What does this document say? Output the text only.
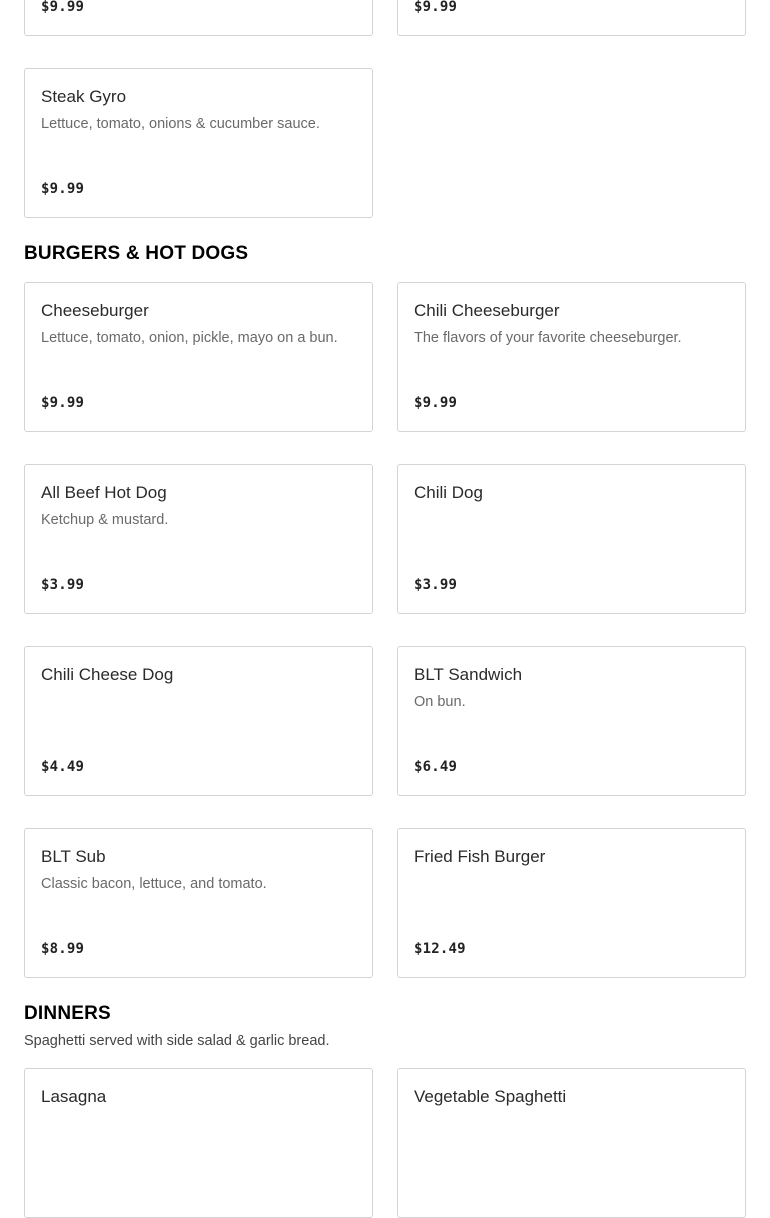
$9.99	$9.99
Steak Gyro
Lettuce, tomato, onions & cucumber sauce.
$9.99
BURGERS & HOT DOGS
Cheeseburger
Lettuce, tomato, onion, pickle, mayo on a bun.
$9.99
Chili Cheeseburger
The flavors of your favorite cheeseburger.
$9.99
All Beef Hot Dog
Ketchup & mustard.
$3.99
Chili Dog
$3.99
Chili Cheese Dog
$4.49
BLT Sandwich
On bun.
$6.49
BLT Sub
Classic bacon, lettuce, and tomato.
$8.99
Fried Fish Burger
$12.49
DINNERS
Spaghetti served with side salad & garlic bread.
Lasagna	Vegetable Spaghetti
